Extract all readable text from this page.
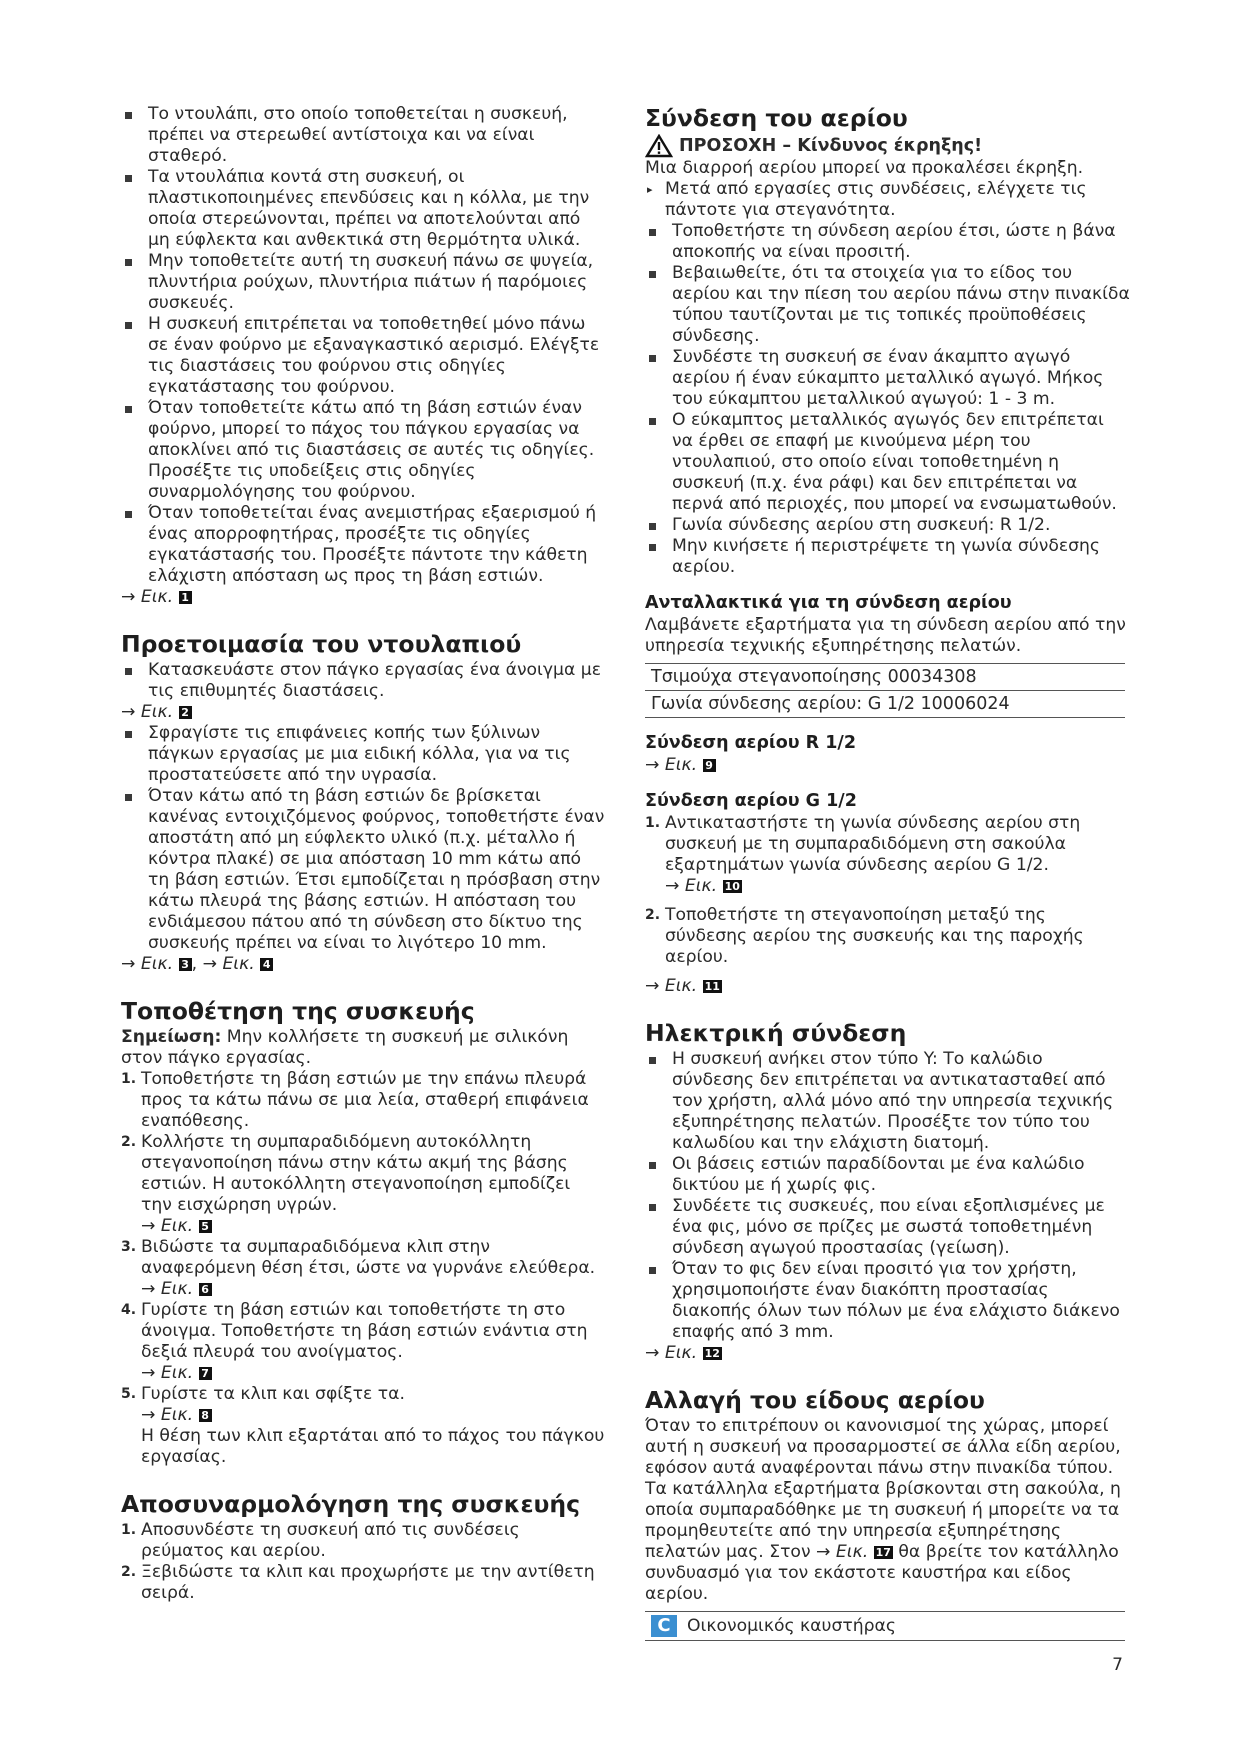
Το ντουλάπι, στο οποίο τοποθετείται η συσκευή, πρέπει να στερεωθεί αντίστοιχα και να είναι σταθερό.

Τα ντουλάπια κοντά στη συσκευή, οι πλαστικοποιημένες επενδύσεις και η κόλλα, με την οποία στερεώνονται, πρέπει να αποτελούνται από μη εύφλεκτα και ανθεκτικά στη θερμότητα υλικά.

Μην τοποθετείτε αυτή τη συσκευή πάνω σε ψυγεία, πλυντήρια ρούχων, πλυντήρια πιάτων ή παρόμοιες συσκευές.

Η συσκευή επιτρέπεται να τοποθετηθεί μόνο πάνω σε έναν φούρνο με εξαναγκαστικό αερισμό. Ελέγξτε τις διαστάσεις του φούρνου στις οδηγίες εγκατάστασης του φούρνου.

Όταν τοποθετείτε κάτω από τη βάση εστιών έναν φούρνο, μπορεί το πάχος του πάγκου εργασίας να αποκλίνει από τις διαστάσεις σε αυτές τις οδηγίες. Προσέξτε τις υποδείξεις στις οδηγίες συναρμολόγησης του φούρνου.

Όταν τοποθετείται ένας ανεμιστήρας εξαερισμού ή ένας απορροφητήρας, προσέξτε τις οδηγίες εγκατάστασής του. Προσέξτε πάντοτε την κάθετη ελάχιστη απόσταση ως προς τη βάση εστιών.

→ Εικ. 1

Προετοιμασία του ντουλαπιού

Κατασκευάστε στον πάγκο εργασίας ένα άνοιγμα με τις επιθυμητές διαστάσεις.

→ Εικ. 2

Σφραγίστε τις επιφάνειες κοπής των ξύλινων πάγκων εργασίας με μια ειδική κόλλα, για να τις προστατεύσετε από την υγρασία.

Όταν κάτω από τη βάση εστιών δε βρίσκεται κανένας εντοιχιζόμενος φούρνος, τοποθετήστε έναν αποστάτη από μη εύφλεκτο υλικό (π.χ. μέταλλο ή κόντρα πλακέ) σε μια απόσταση 10 mm κάτω από τη βάση εστιών. Έτσι εμποδίζεται η πρόσβαση στην κάτω πλευρά της βάσης εστιών. Η απόσταση του ενδιάμεσου πάτου από τη σύνδεση στο δίκτυο της συσκευής πρέπει να είναι το λιγότερο 10 mm.

→ Εικ. 3 , → Εικ. 4

Τοποθέτηση της συσκευής

Σημείωση: Μην κολλήσετε τη συσκευή με σιλικόνη στον πάγκο εργασίας.

1. Τοποθετήστε τη βάση εστιών με την επάνω πλευρά προς τα κάτω πάνω σε μια λεία, σταθερή επιφάνεια εναπόθεσης.

2. Κολλήστε τη συμπαραδιδόμενη αυτοκόλλητη στεγανοποίηση πάνω στην κάτω ακμή της βάσης εστιών. Η αυτοκόλλητη στεγανοποίηση εμποδίζει την εισχώρηση υγρών.

→ Εικ. 5

3. Βιδώστε τα συμπαραδιδόμενα κλιπ στην αναφερόμενη θέση έτσι, ώστε να γυρνάνε ελεύθερα.

→ Εικ. 6

4. Γυρίστε τη βάση εστιών και τοποθετήστε τη στο άνοιγμα. Τοποθετήστε τη βάση εστιών ενάντια στη δεξιά πλευρά του ανοίγματος.

→ Εικ. 7

5. Γυρίστε τα κλιπ και σφίξτε τα.

→ Εικ. 8

Η θέση των κλιπ εξαρτάται από το πάχος του πάγκου εργασίας.

Αποσυναρμολόγηση της συσκευής

1. Αποσυνδέστε τη συσκευή από τις συνδέσεις ρεύματος και αερίου.

2. Ξεβιδώστε τα κλιπ και προχωρήστε με την αντίθετη σειρά.

Σύνδεση του αερίου
ΠΡΟΣΟΧΗ – Κίνδυνος έκρηξης!

Μια διαρροή αερίου μπορεί να προκαλέσει έκρηξη.

▸ Μετά από εργασίες στις συνδέσεις, ελέγχετε τις πάντοτε για στεγανότητα.

Τοποθετήστε τη σύνδεση αερίου έτσι, ώστε η βάνα αποκοπής να είναι προσιτή.

Βεβαιωθείτε, ότι τα στοιχεία για το είδος του αερίου και την πίεση του αερίου πάνω στην πινακίδα τύπου ταυτίζονται με τις τοπικές προϋποθέσεις σύνδεσης.

Συνδέστε τη συσκευή σε έναν άκαμπτο αγωγό αερίου ή έναν εύκαμπτο μεταλλικό αγωγό. Μήκος του εύκαμπτου μεταλλικού αγωγού: 1 - 3 m.

Ο εύκαμπτος μεταλλικός αγωγός δεν επιτρέπεται να έρθει σε επαφή με κινούμενα μέρη του ντουλαπιού, στο οποίο είναι τοποθετημένη η συσκευή (π.χ. ένα ράφι) και δεν επιτρέπεται να περνά από περιοχές, που μπορεί να ενσωματωθούν.

Γωνία σύνδεσης αερίου στη συσκευή: R 1/2.

Μην κινήσετε ή περιστρέψετε τη γωνία σύνδεσης αερίου.

Ανταλλακτικά για τη σύνδεση αερίου

Λαμβάνετε εξαρτήματα για τη σύνδεση αερίου από την υπηρεσία τεχνικής εξυπηρέτησης πελατών.

Τσιμούχα στεγανοποίησης 00034308
Γωνία σύνδεσης αερίου: G 1/2 10006024
Σύνδεση αερίου R 1/2

→ Εικ. 9

Σύνδεση αερίου G 1/2

1. Αντικαταστήστε τη γωνία σύνδεσης αερίου στη συσκευή με τη συμπαραδιδόμενη στη σακούλα εξαρτημάτων γωνία σύνδεσης αερίου G 1/2.

→ Εικ. 10

2. Τοποθετήστε τη στεγανοποίηση μεταξύ της σύνδεσης αερίου της συσκευής και της παροχής αερίου.

→ Εικ. 11

Ηλεκτρική σύνδεση

Η συσκευή ανήκει στον τύπο Y: Το καλώδιο σύνδεσης δεν επιτρέπεται να αντικατασταθεί από τον χρήστη, αλλά μόνο από την υπηρεσία τεχνικής εξυπηρέτησης πελατών. Προσέξτε τον τύπο του καλωδίου και την ελάχιστη διατομή.

Οι βάσεις εστιών παραδίδονται με ένα καλώδιο δικτύου με ή χωρίς φις.

Συνδέετε τις συσκευές, που είναι εξοπλισμένες με ένα φις, μόνο σε πρίζες με σωστά τοποθετημένη σύνδεση αγωγού προστασίας (γείωση).

Όταν το φις δεν είναι προσιτό για τον χρήστη, χρησιμοποιήστε έναν διακόπτη προστασίας διακοπής όλων των πόλων με ένα ελάχιστο διάκενο επαφής από 3 mm.

→ Εικ. 12

Αλλαγή του είδους αερίου

Όταν το επιτρέπουν οι κανονισμοί της χώρας, μπορεί αυτή η συσκευή να προσαρμοστεί σε άλλα είδη αερίου, εφόσον αυτά αναφέρονται πάνω στην πινακίδα τύπου.

Τα κατάλληλα εξαρτήματα βρίσκονται στη σακούλα, η οποία συμπαραδόθηκε με τη συσκευή ή μπορείτε να τα προμηθευτείτε από την υπηρεσία εξυπηρέτησης πελατών μας. Στον → Εικ. 17 θα βρείτε τον κατάλληλο συνδυασμό για τον εκάστοτε καυστήρα και είδος αερίου.

C Οικονομικός καυστήρας
7
